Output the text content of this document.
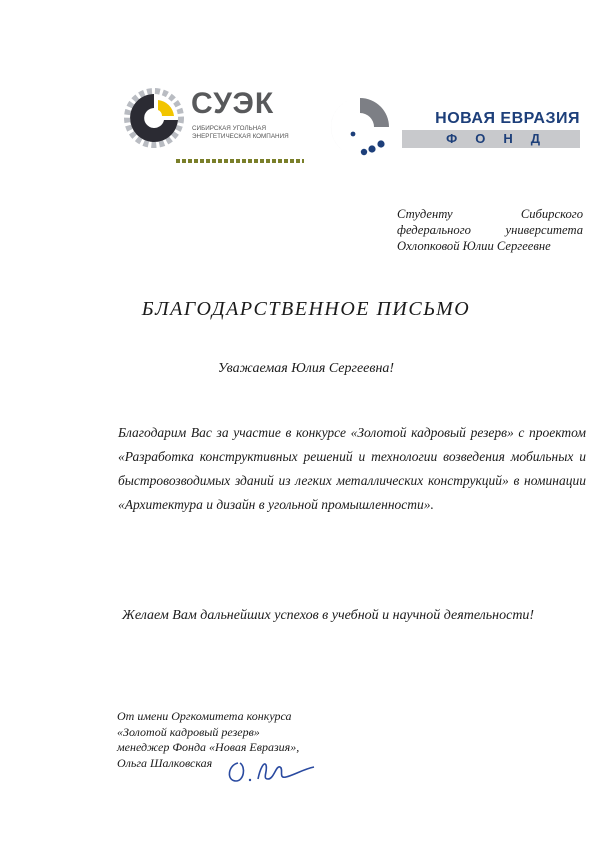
СУЭК
СИБИРСКАЯ УГОЛЬНАЯ
ЭНЕРГЕТИЧЕСКАЯ КОМПАНИЯ
НОВАЯ ЕВРАЗИЯ
ФОНД
Студенту Сибирского
федерального университета
Охлопковой Юлии Сергеевне
БЛАГОДАРСТВЕННОЕ ПИСЬМО
Уважаемая Юлия Сергеевна!
Благодарим Вас за участие в конкурсе «Золотой кадровый резерв» с проектом «Разработка конструктивных решений и технологии возведения мобильных и быстровозводимых зданий из легких металлических конструкций» в номинации «Архитектура и дизайн в угольной промышленности».
Желаем Вам дальнейших успехов в учебной и научной деятельности!
От имени Оргкомитета конкурса
«Золотой кадровый резерв»
менеджер Фонда «Новая Евразия»,
Ольга Шалковская
